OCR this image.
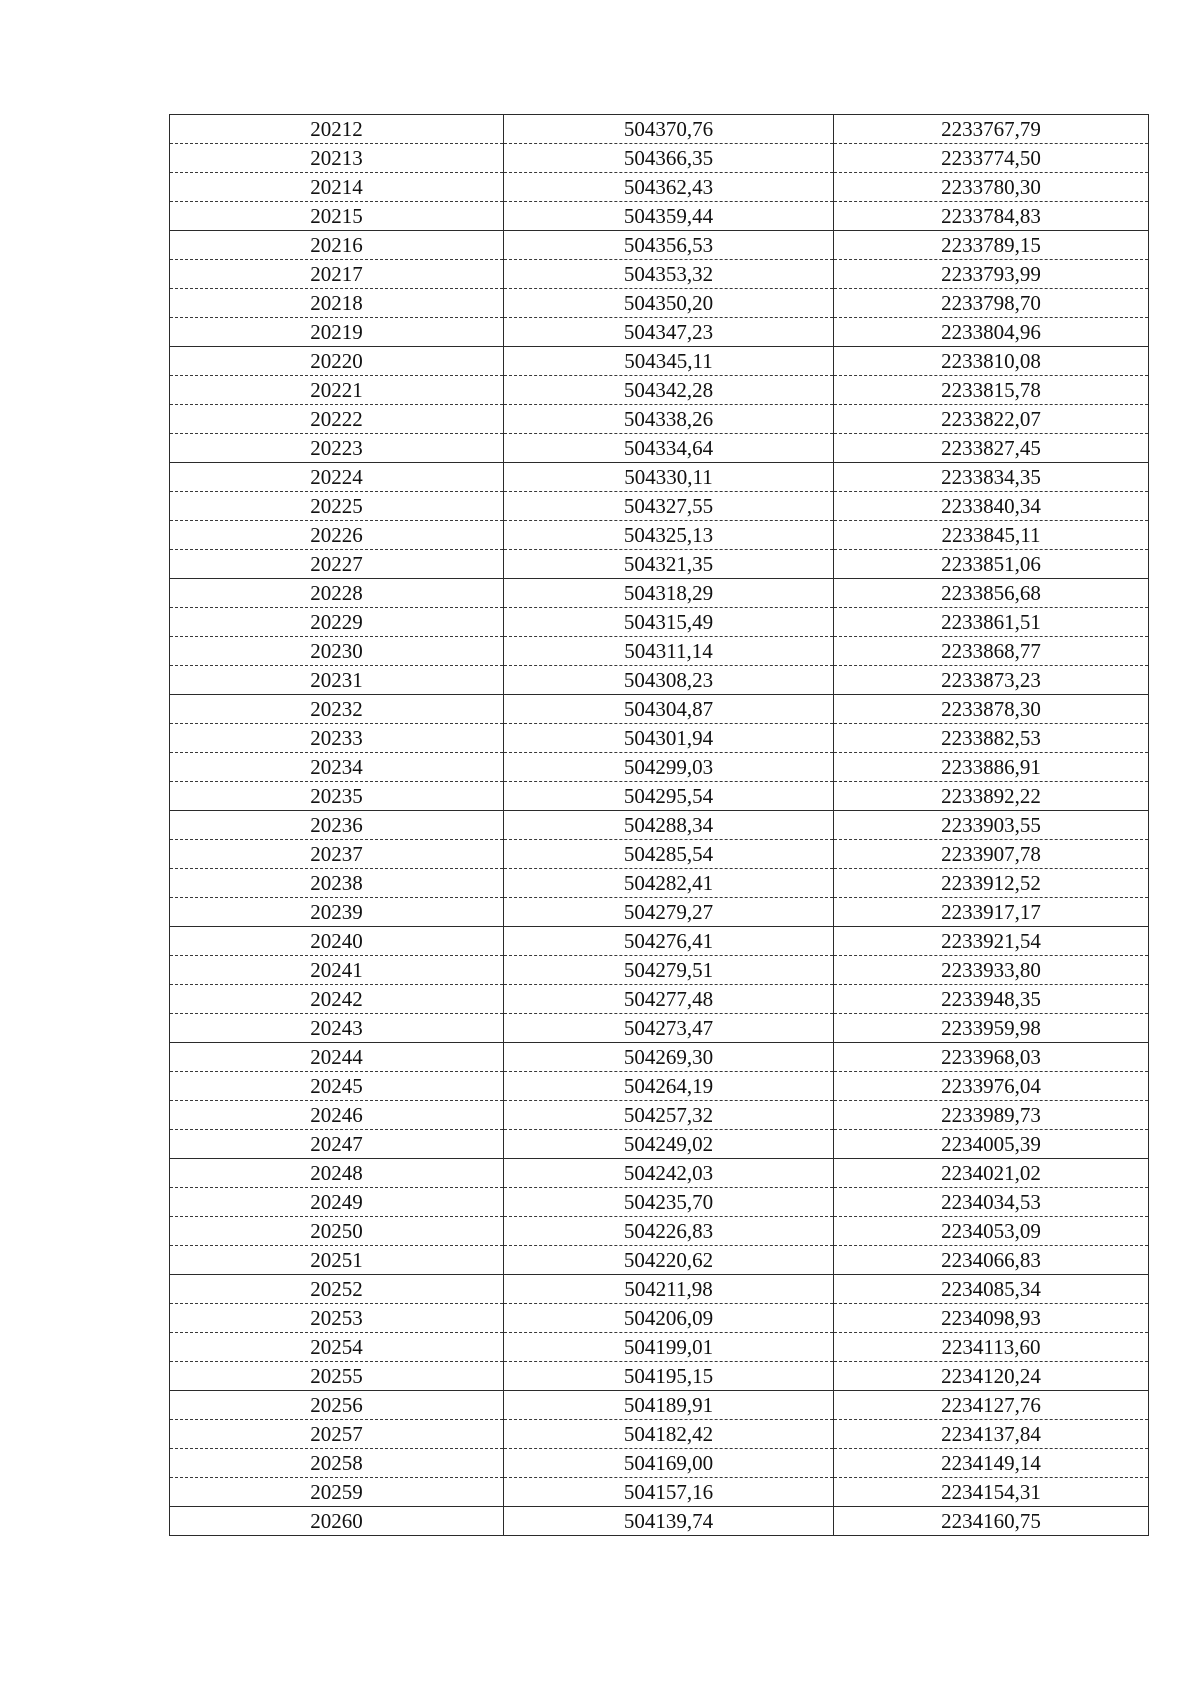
20212	504370,76	2233767,79
20213	504366,35	2233774,50
20214	504362,43	2233780,30
20215	504359,44	2233784,83
20216	504356,53	2233789,15
20217	504353,32	2233793,99
20218	504350,20	2233798,70
20219	504347,23	2233804,96
20220	504345,11	2233810,08
20221	504342,28	2233815,78
20222	504338,26	2233822,07
20223	504334,64	2233827,45
20224	504330,11	2233834,35
20225	504327,55	2233840,34
20226	504325,13	2233845,11
20227	504321,35	2233851,06
20228	504318,29	2233856,68
20229	504315,49	2233861,51
20230	504311,14	2233868,77
20231	504308,23	2233873,23
20232	504304,87	2233878,30
20233	504301,94	2233882,53
20234	504299,03	2233886,91
20235	504295,54	2233892,22
20236	504288,34	2233903,55
20237	504285,54	2233907,78
20238	504282,41	2233912,52
20239	504279,27	2233917,17
20240	504276,41	2233921,54
20241	504279,51	2233933,80
20242	504277,48	2233948,35
20243	504273,47	2233959,98
20244	504269,30	2233968,03
20245	504264,19	2233976,04
20246	504257,32	2233989,73
20247	504249,02	2234005,39
20248	504242,03	2234021,02
20249	504235,70	2234034,53
20250	504226,83	2234053,09
20251	504220,62	2234066,83
20252	504211,98	2234085,34
20253	504206,09	2234098,93
20254	504199,01	2234113,60
20255	504195,15	2234120,24
20256	504189,91	2234127,76
20257	504182,42	2234137,84
20258	504169,00	2234149,14
20259	504157,16	2234154,31
20260	504139,74	2234160,75
